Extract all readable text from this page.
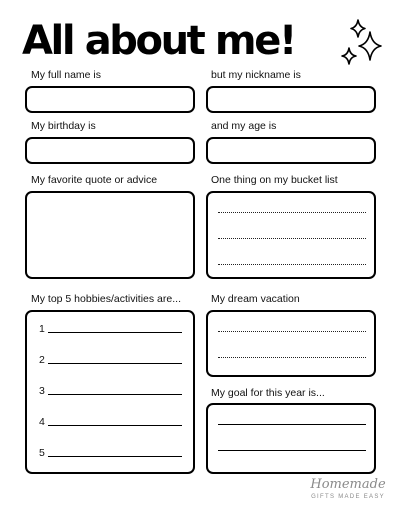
All about me!
My full name is	but my nickname is
My birthday is	and my age is
My favorite quote or advice	One thing on my bucket list
My top 5 hobbies/activities are...
1
2
3
4
5
My dream vacation
My goal for this year is...
Homemade
GIFTS MADE EASY
